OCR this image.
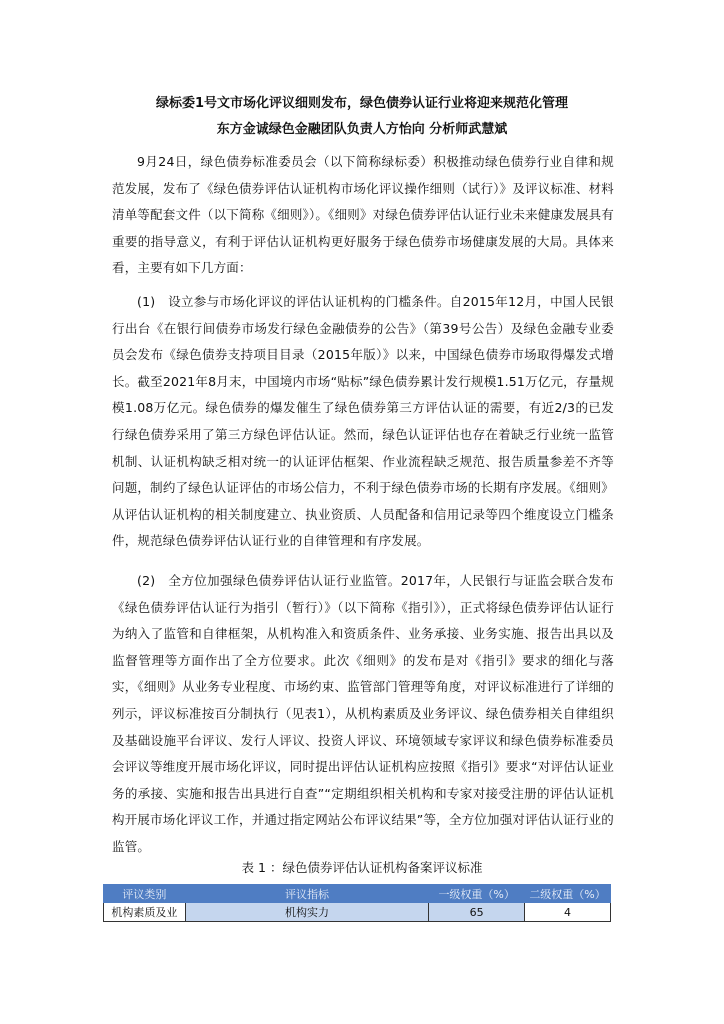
绿标委1号文市场化评议细则发布，绿色债券认证行业将迎来规范化管理
东方金诚绿色金融团队负责人方怡向 分析师武慧斌

9月24日，绿色债券标准委员会（以下简称绿标委）积极推动绿色债券行业自律和规范发展，发布了《绿色债券评估认证机构市场化评议操作细则（试行）》及评议标准、材料清单等配套文件（以下简称《细则》）。《细则》对绿色债券评估认证行业未来健康发展具有重要的指导意义，有利于评估认证机构更好服务于绿色债券市场健康发展的大局。具体来看，主要有如下几方面：

(1)　设立参与市场化评议的评估认证机构的门槛条件。自2015年12月，中国人民银行出台《在银行间债券市场发行绿色金融债券的公告》（第39号公告）及绿色金融专业委员会发布《绿色债券支持项目目录（2015年版）》以来，中国绿色债券市场取得爆发式增长。截至2021年8月末，中国境内市场“贴标”绿色债券累计发行规模1.51万亿元，存量规模1.08万亿元。绿色债券的爆发催生了绿色债券第三方评估认证的需要，有近2/3的已发行绿色债券采用了第三方绿色评估认证。然而，绿色认证评估也存在着缺乏行业统一监管机制、认证机构缺乏相对统一的认证评估框架、作业流程缺乏规范、报告质量参差不齐等问题，制约了绿色认证评估的市场公信力，不利于绿色债券市场的长期有序发展。《细则》从评估认证机构的相关制度建立、执业资质、人员配备和信用记录等四个维度设立门槛条件，规范绿色债券评估认证行业的自律管理和有序发展。

(2)　全方位加强绿色债券评估认证行业监管。2017年，人民银行与证监会联合发布《绿色债券评估认证行为指引（暂行）》（以下简称《指引》），正式将绿色债券评估认证行为纳入了监管和自律框架，从机构准入和资质条件、业务承接、业务实施、报告出具以及监督管理等方面作出了全方位要求。此次《细则》的发布是对《指引》要求的细化与落实，《细则》从业务专业程度、市场约束、监管部门管理等角度，对评议标准进行了详细的列示，评议标准按百分制执行（见表1），从机构素质及业务评议、绿色债券相关自律组织及基础设施平台评议、发行人评议、投资人评议、环境领域专家评议和绿色债券标准委员会评议等维度开展市场化评议，同时提出评估认证机构应按照《指引》要求“对评估认证业务的承接、实施和报告出具进行自查”“定期组织相关机构和专家对接受注册的评估认证机构开展市场化评议工作，并通过指定网站公布评议结果”等，全方位加强对评估认证行业的监管。

表 1 ：绿色债券评估认证机构备案评议标准
评议类别	评议指标	一级权重（%）	二级权重（%）
机构素质及业	机构实力	65	4
